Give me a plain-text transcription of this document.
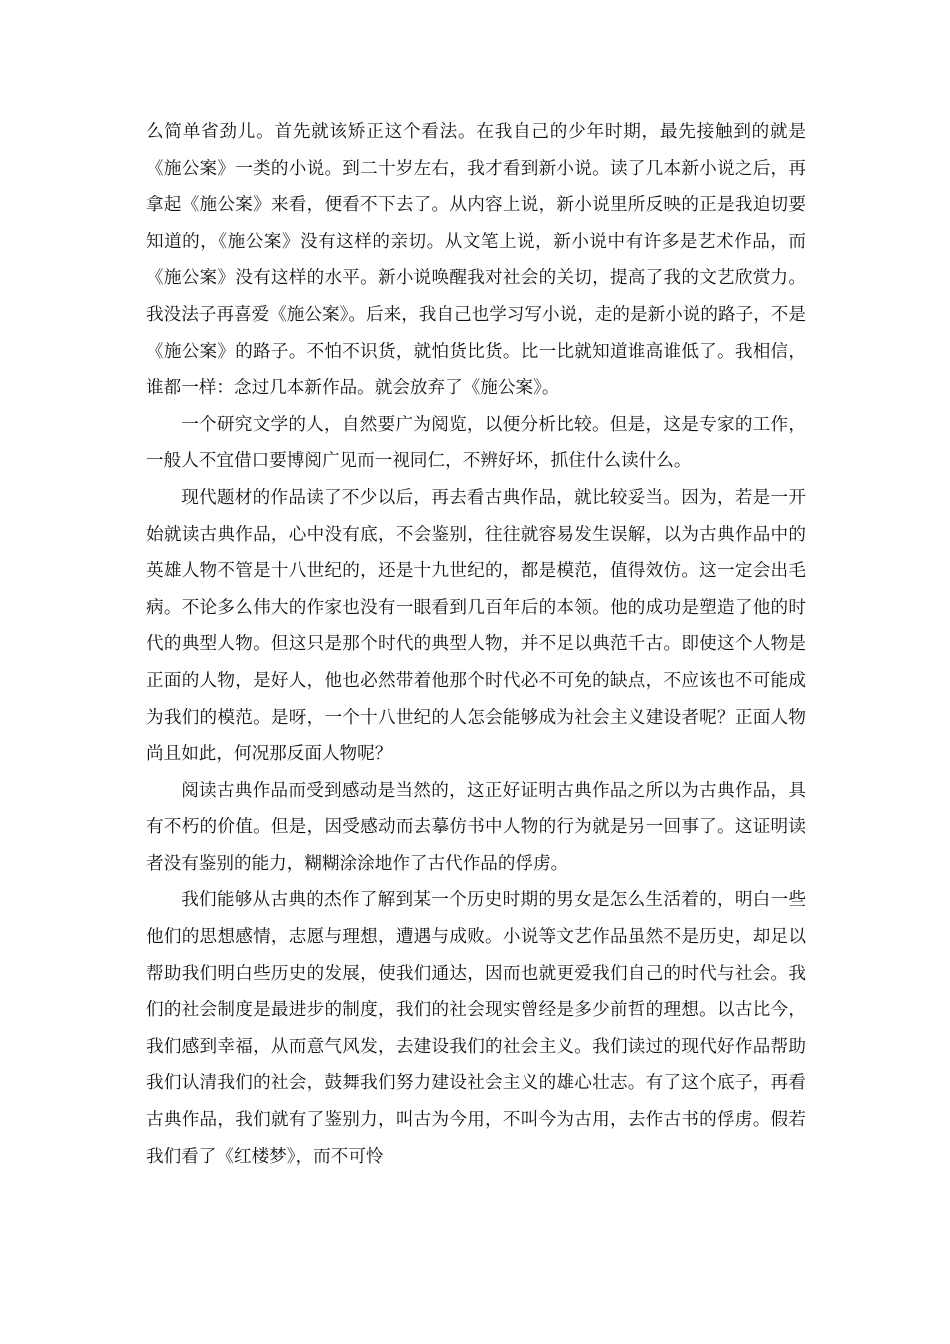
么简单省劲儿。首先就该矫正这个看法。在我自己的少年时期，最先接触到的就是《施公案》一类的小说。到二十岁左右，我才看到新小说。读了几本新小说之后，再拿起《施公案》来看，便看不下去了。从内容上说，新小说里所反映的正是我迫切要知道的，《施公案》没有这样的亲切。从文笔上说，新小说中有许多是艺术作品，而《施公案》没有这样的水平。新小说唤醒我对社会的关切，提高了我的文艺欣赏力。我没法子再喜爱《施公案》。后来，我自己也学习写小说，走的是新小说的路子，不是《施公案》的路子。不怕不识货，就怕货比货。比一比就知道谁高谁低了。我相信，谁都一样：念过几本新作品。就会放弃了《施公案》。

一个研究文学的人，自然要广为阅览，以便分析比较。但是，这是专家的工作，一般人不宜借口要博阅广见而一视同仁，不辨好坏，抓住什么读什么。

现代题材的作品读了不少以后，再去看古典作品，就比较妥当。因为，若是一开始就读古典作品，心中没有底，不会鉴别，往往就容易发生误解，以为古典作品中的英雄人物不管是十八世纪的，还是十九世纪的，都是模范，值得效仿。这一定会出毛病。不论多么伟大的作家也没有一眼看到几百年后的本领。他的成功是塑造了他的时代的典型人物。但这只是那个时代的典型人物，并不足以典范千古。即使这个人物是正面的人物，是好人，他也必然带着他那个时代必不可免的缺点，不应该也不可能成为我们的模范。是呀，一个十八世纪的人怎会能够成为社会主义建设者呢？正面人物尚且如此，何况那反面人物呢？

阅读古典作品而受到感动是当然的，这正好证明古典作品之所以为古典作品，具有不朽的价值。但是，因受感动而去摹仿书中人物的行为就是另一回事了。这证明读者没有鉴别的能力，糊糊涂涂地作了古代作品的俘虏。

我们能够从古典的杰作了解到某一个历史时期的男女是怎么生活着的，明白一些他们的思想感情，志愿与理想，遭遇与成败。小说等文艺作品虽然不是历史，却足以帮助我们明白些历史的发展，使我们通达，因而也就更爱我们自己的时代与社会。我们的社会制度是最进步的制度，我们的社会现实曾经是多少前哲的理想。以古比今，我们感到幸福，从而意气风发，去建设我们的社会主义。我们读过的现代好作品帮助我们认清我们的社会，鼓舞我们努力建设社会主义的雄心壮志。有了这个底子，再看古典作品，我们就有了鉴别力，叫古为今用，不叫今为古用，去作古书的俘虏。假若我们看了《红楼梦》，而不可怜
